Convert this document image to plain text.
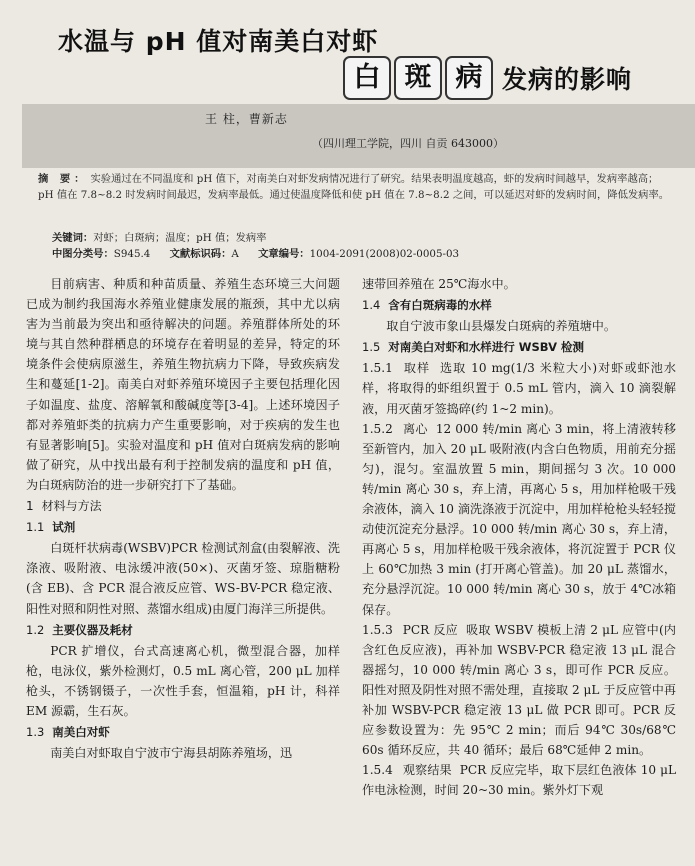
水温与 pH 值对南美白对虾
白 斑 病 发病的影响
王 柱，曹新志
（四川理工学院，四川 自贡 643000）
摘 要： 实验通过在不同温度和 pH 值下，对南美白对虾发病情况进行了研究。结果表明温度越高，虾的发病时间越早，发病率越高；pH 值在 7.8~8.2 时发病时间最迟，发病率最低。通过使温度降低和使 pH 值在 7.8~8.2 之间，可以延迟对虾的发病时间，降低发病率。
关键词：对虾；白斑病；温度；pH 值；发病率
中图分类号：S945.4 文献标识码：A 文章编号：1004-2091(2008)02-0005-03

目前病害、种质和种苗质量、养殖生态环境三大问题已成为制约我国海水养殖业健康发展的瓶颈，其中尤以病害为当前最为突出和亟待解决的问题。养殖群体所处的环境与其自然种群栖息的环境存在着明显的差异，特定的环境条件会使病原滋生，养殖生物抗病力下降，导致疾病发生和蔓延[1-2]。南美白对虾养殖环境因子主要包括理化因子如温度、盐度、溶解氧和酸碱度等[3-4]。上述环境因子都对养殖虾类的抗病力产生重要影响，对于疾病的发生也有显著影响[5]。实验对温度和 pH 值对白斑病发病的影响做了研究，从中找出最有利于控制发病的温度和 pH 值，为白斑病防治的进一步研究打下了基础。

1 材料与方法
1.1 试剂

白斑杆状病毒(WSBV)PCR 检测试剂盒(由裂解液、洗涤液、吸附液、电泳缓冲液(50×)、灭菌牙签、琼脂糖粉(含 EB)、含 PCR 混合液反应管、WS-BV-PCR 稳定液、阳性对照和阴性对照、蒸馏水组成)由厦门海洋三所提供。

1.2 主要仪器及耗材

PCR 扩增仪，台式高速离心机，微型混合器，加样枪，电泳仪，紫外检测灯，0.5 mL 离心管，200 μL 加样枪头，不锈钢镊子，一次性手套，恒温箱，pH 计，科祥 EM 源霸，生石灰。

1.3 南美白对虾

南美白对虾取自宁波市宁海县胡陈养殖场，迅

速带回养殖在 25℃海水中。

1.4 含有白斑病毒的水样

取自宁波市象山县爆发白斑病的养殖塘中。

1.5 对南美白对虾和水样进行 WSBV 检测

1.5.1 取样 选取 10 mg(1/3 米粒大小)对虾或虾池水样，将取得的虾组织置于 0.5 mL 管内，滴入 10 滴裂解液，用灭菌牙签捣碎(约 1~2 min)。

1.5.2 离心 12 000 转/min 离心 3 min，将上清液转移至新管内，加入 20 μL 吸附液(内含白色物质，用前充分摇匀)，混匀。室温放置 5 min，期间摇匀 3 次。10 000 转/min 离心 30 s，弃上清，再离心 5 s，用加样枪吸干残余液体，滴入 10 滴洗涤液于沉淀中，用加样枪枪头轻轻搅动使沉淀充分悬浮。10 000 转/min 离心 30 s，弃上清，再离心 5 s，用加样枪吸干残余液体，将沉淀置于 PCR 仪上 60℃加热 3 min (打开离心管盖)。加 20 μL 蒸馏水，充分悬浮沉淀。10 000 转/min 离心 30 s，放于 4℃冰箱保存。

1.5.3 PCR 反应 吸取 WSBV 模板上清 2 μL 应管中(内含红色反应液)，再补加 WSBV-PCR 稳定液 13 μL 混合器摇匀，10 000 转/min 离心 3 s，即可作 PCR 反应。阳性对照及阴性对照不需处理，直接取 2 μL 于反应管中再补加 WSBV-PCR 稳定液 13 μL 做 PCR 即可。PCR 反应参数设置为：先 95℃ 2 min；而后 94℃ 30s/68℃ 60s 循环反应，共 40 循环；最后 68℃延伸 2 min。

1.5.4 观察结果 PCR 反应完毕，取下层红色液体 10 μL 作电泳检测，时间 20~30 min。紫外灯下观
